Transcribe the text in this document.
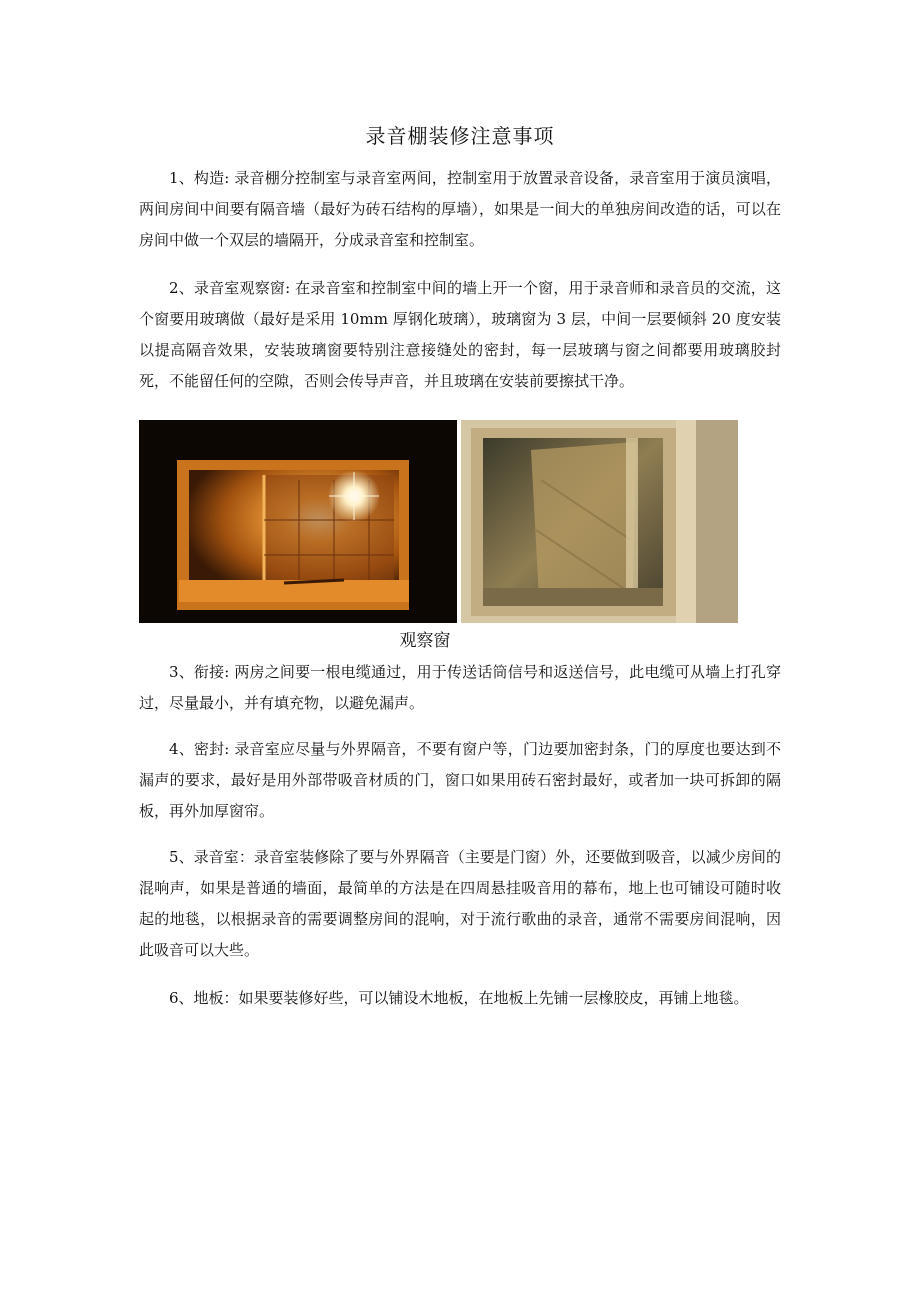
录音棚装修注意事项

1、构造: 录音棚分控制室与录音室两间，控制室用于放置录音设备，录音室用于演员演唱，两间房间中间要有隔音墙（最好为砖石结构的厚墙），如果是一间大的单独房间改造的话，可以在房间中做一个双层的墙隔开，分成录音室和控制室。

2、录音室观察窗: 在录音室和控制室中间的墙上开一个窗，用于录音师和录音员的交流，这个窗要用玻璃做（最好是采用 10mm 厚钢化玻璃），玻璃窗为 3 层，中间一层要倾斜 20 度安装以提高隔音效果，安装玻璃窗要特别注意接缝处的密封，每一层玻璃与窗之间都要用玻璃胶封死，不能留任何的空隙，否则会传导声音，并且玻璃在安装前要擦拭干净。

观察窗

3、衔接: 两房之间要一根电缆通过，用于传送话筒信号和返送信号，此电缆可从墙上打孔穿过，尽量最小，并有填充物，以避免漏声。

4、密封: 录音室应尽量与外界隔音，不要有窗户等，门边要加密封条，门的厚度也要达到不漏声的要求，最好是用外部带吸音材质的门，窗口如果用砖石密封最好，或者加一块可拆卸的隔板，再外加厚窗帘。

5、录音室：录音室装修除了要与外界隔音（主要是门窗）外，还要做到吸音，以减少房间的混响声，如果是普通的墙面，最简单的方法是在四周悬挂吸音用的幕布，地上也可铺设可随时收起的地毯，以根据录音的需要调整房间的混响，对于流行歌曲的录音，通常不需要房间混响，因此吸音可以大些。

6、地板：如果要装修好些，可以铺设木地板，在地板上先铺一层橡胶皮，再铺上地毯。
